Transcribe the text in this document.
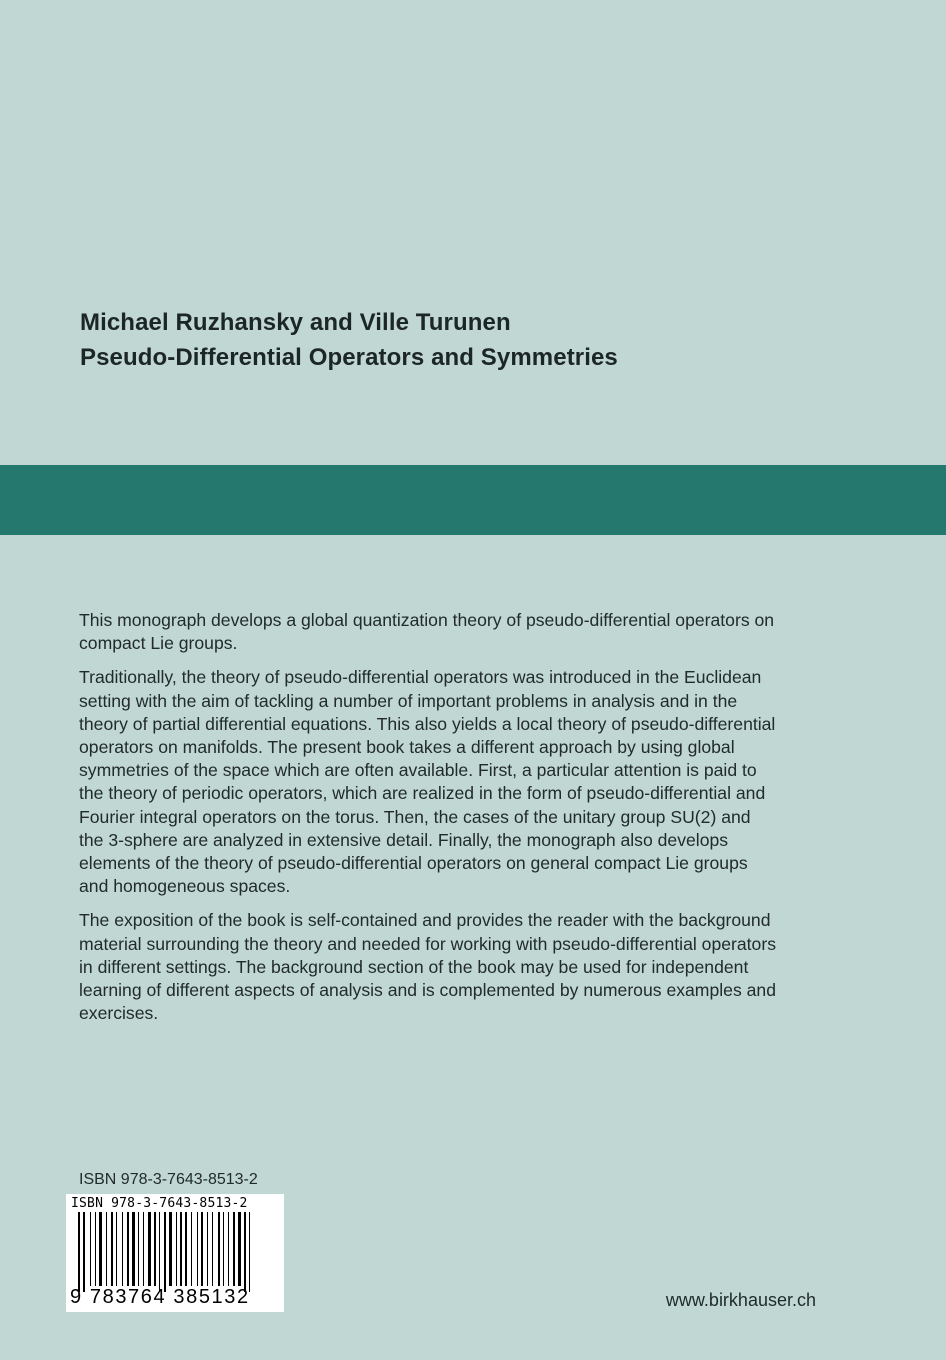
Michael Ruzhansky and Ville Turunen
Pseudo-Differential Operators and Symmetries

This monograph develops a global quantization theory of pseudo-differential operators on compact Lie groups.

Traditionally, the theory of pseudo-differential operators was introduced in the Euclidean setting with the aim of tackling a number of important problems in analysis and in the theory of partial differential equations. This also yields a local theory of pseudo-differential operators on manifolds. The present book takes a different approach by using global symmetries of the space which are often available. First, a particular attention is paid to the theory of periodic operators, which are realized in the form of pseudo-differential and Fourier integral operators on the torus. Then, the cases of the unitary group SU(2) and the 3-sphere are analyzed in extensive detail. Finally, the monograph also develops elements of the theory of pseudo-differential operators on general compact Lie groups and homogeneous spaces.

The exposition of the book is self-contained and provides the reader with the background material surrounding the theory and needed for working with pseudo-differential operators in different settings. The background section of the book may be used for independent learning of different aspects of analysis and is complemented by numerous examples and exercises.

ISBN 978-3-7643-8513-2
ISBN 978-3-7643-8513-2
9 783764 385132	www.birkhauser.ch
